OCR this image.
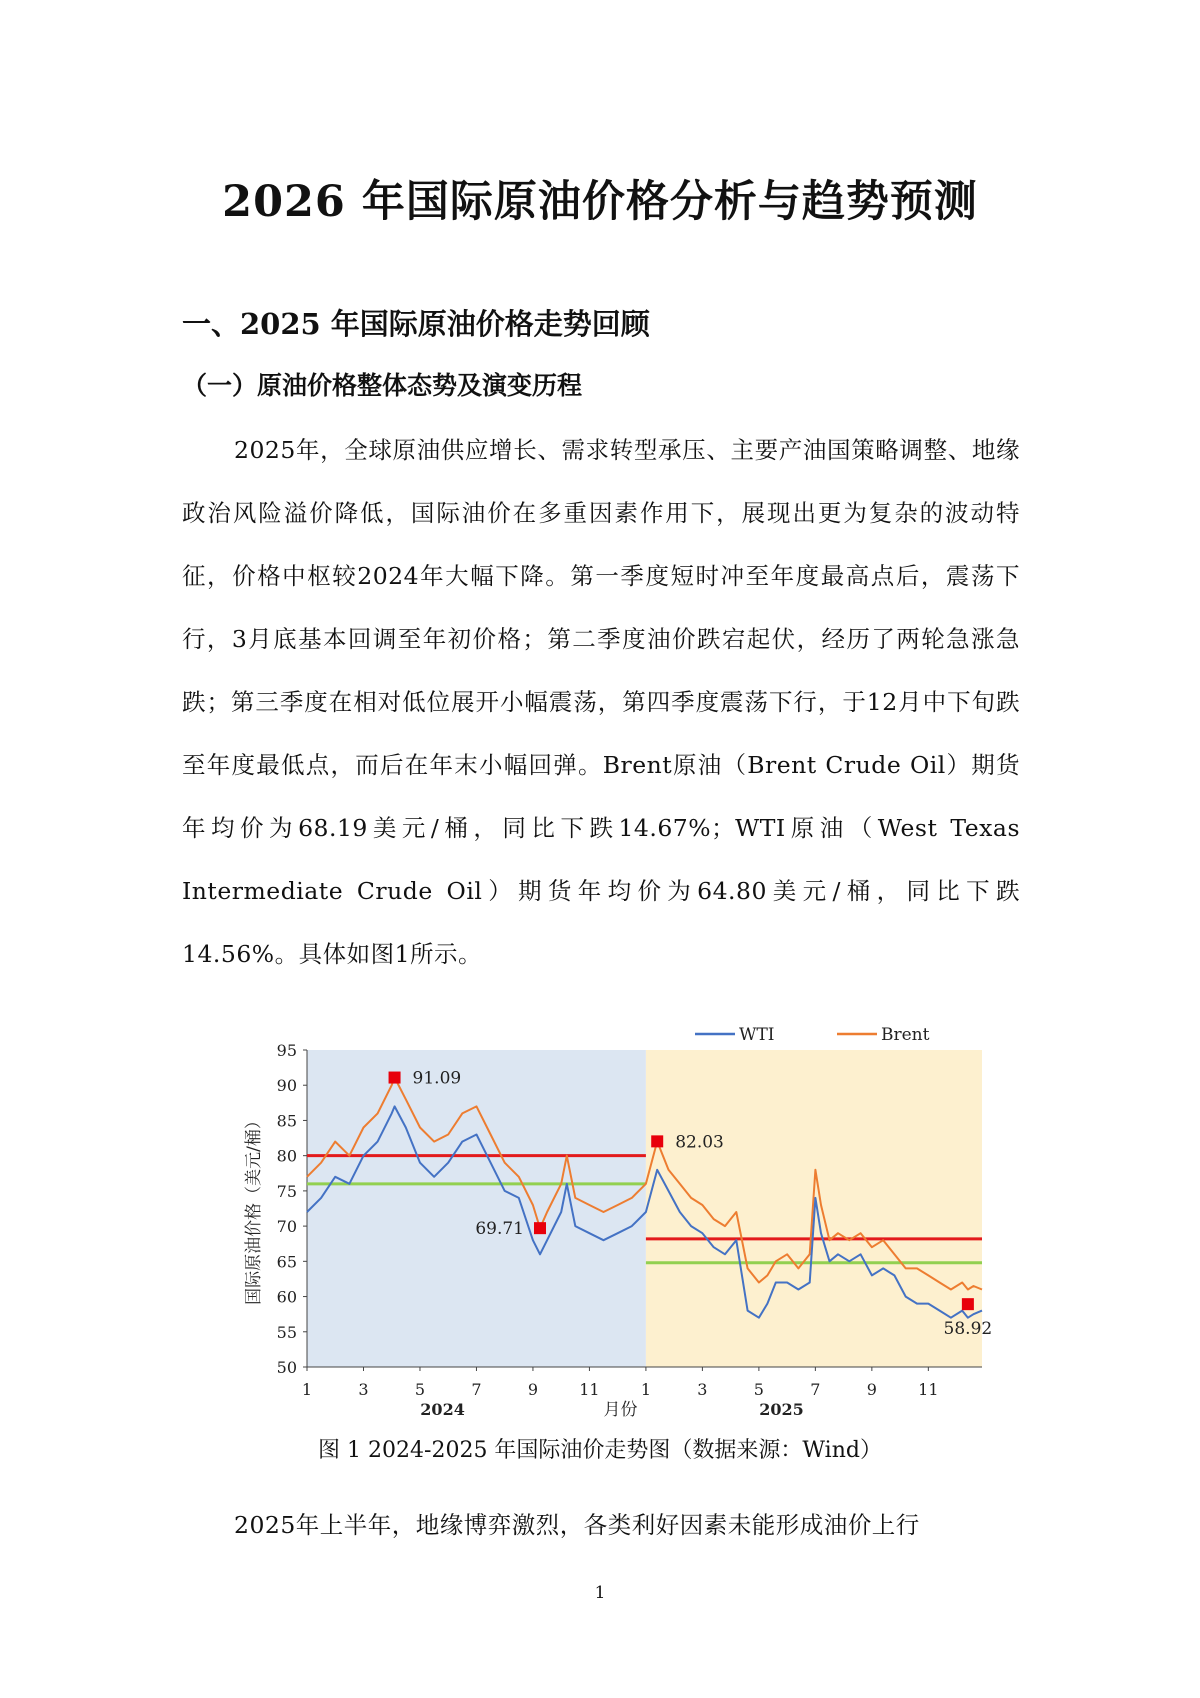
2026 年国际原油价格分析与趋势预测
一、2025 年国际原油价格走势回顾
（一）原油价格整体态势及演变历程

2025年，全球原油供应增长、需求转型承压、主要产油国策略调整、地缘政治风险溢价降低，国际油价在多重因素作用下，展现出更为复杂的波动特征，价格中枢较2024年大幅下降。第一季度短时冲至年度最高点后，震荡下行，3月底基本回调至年初价格；第二季度油价跌宕起伏，经历了两轮急涨急跌；第三季度在相对低位展开小幅震荡，第四季度震荡下行，于12月中下旬跌至年度最低点，而后在年末小幅回弹。Brent原油（Brent Crude Oil）期货年均价为68.19美元/桶，同比下跌14.67%；WTI原油（West Texas Intermediate Crude Oil）期货年均价为64.80美元/桶，同比下跌14.56%。具体如图1所示。

50
55
60
65
70
75
80
85
90
95
1	3	5	7	9	11	1	3	5	7	9	11
2024	2025
月份
国际原油价格（美元/桶）
91.09
69.71
82.03
58.92
WTI	Brent

图 1 2024-2025 年国际油价走势图（数据来源：Wind）

2025年上半年，地缘博弈激烈，各类利好因素未能形成油价上行

1
